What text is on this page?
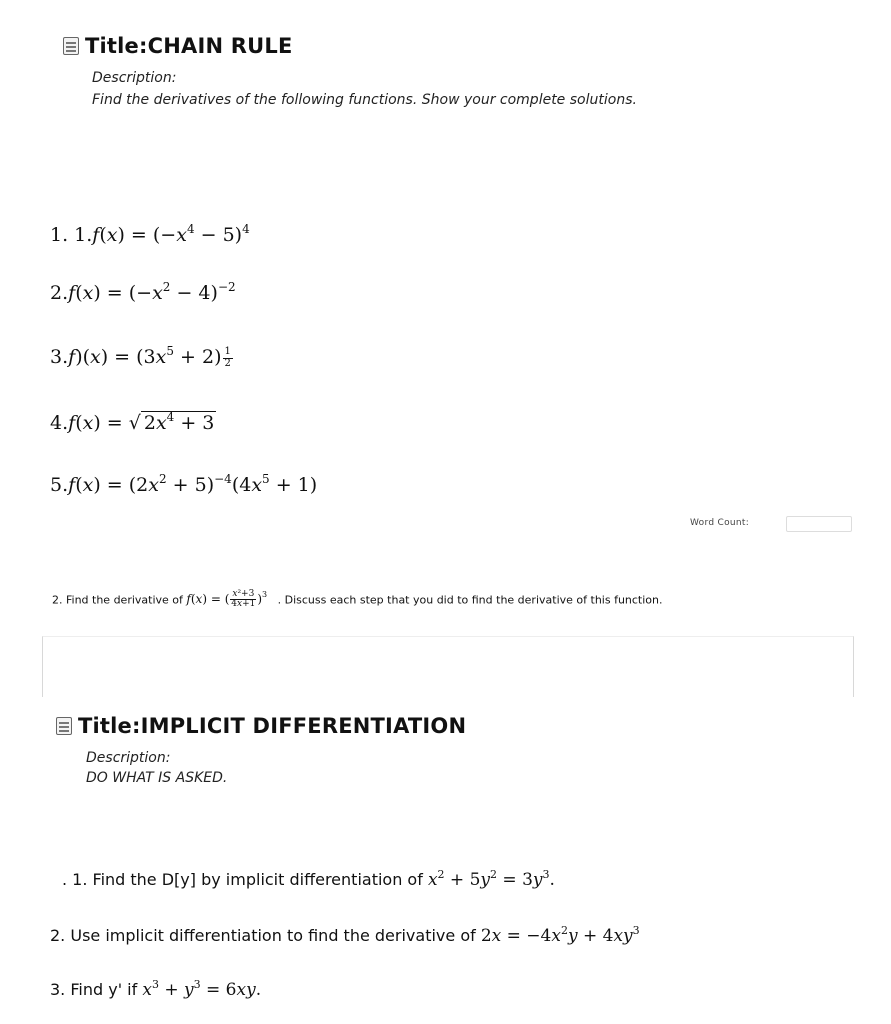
Title:CHAIN RULE
Description:
Find the derivatives of the following functions. Show your complete solutions.
1. $1.f(x) = (-x^4 - 5)^4$
$2.f(x) = (-x^2 - 4)^{-2}$
$3.f)(x) = (3x^5 + 2) \frac{1}{2}$
4.f(x) = √ $2x^4 + 3$
$5.f(x) = (2x^2 + 5)^{-4}(4x^5 + 1)$
Word Count:
2. Find the derivative of f(x) = ( $\frac{\text{x²+3}}{4x+1} )^3$ . Discuss each step that you did to find the derivative of this function.
Title:IMPLICIT DIFFERENTIATION
Description:
DO WHAT IS ASKED.
. 1. Find the D[y] by implicit differentiation of $x^2 + 5y^2 = 3y^3$.
2. Use implicit differentiation to find the derivative of $2x = -4x^2y + 4xy^3$
3. Find y' if $x^3 + y^3 = 6xy$.
